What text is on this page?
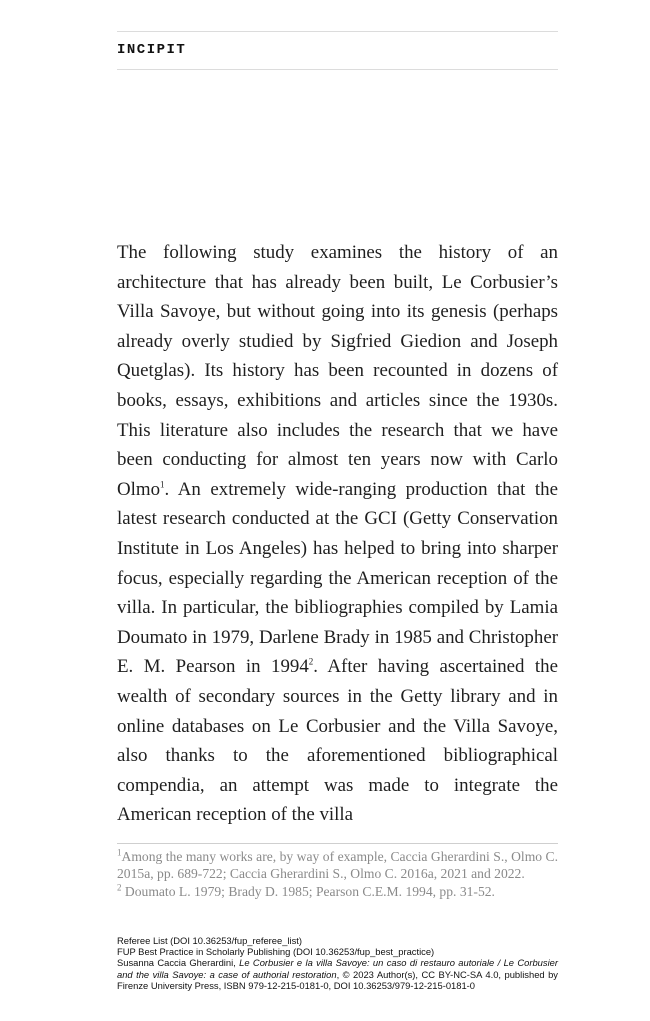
INCIPIT

The following study examines the history of an architecture that has already been built, Le Corbusier’s Villa Savoye, but without going into its genesis (perhaps already overly studied by Sigfried Giedion and Joseph Quetglas). Its history has been recounted in dozens of books, essays, exhibitions and articles since the 1930s. This literature also includes the research that we have been conducting for almost ten years now with Carlo Olmo$^1$. An extremely wide-ranging production that the latest research conducted at the GCI (Getty Conservation Institute in Los Angeles) has helped to bring into sharper focus, especially regarding the American reception of the villa. In particular, the bibliographies compiled by Lamia Doumato in 1979, Darlene Brady in 1985 and Christopher E. M. Pearson in 1994$^2$. After having ascertained the wealth of secondary sources in the Getty library and in online databases on Le Corbusier and the Villa Savoye, also thanks to the aforementioned bibliographical compendia, an attempt was made to integrate the American reception of the villa

$^1$Among the many works are, by way of example, Caccia Gherardini S., Olmo C. 2015a, pp. 689-722; Caccia Gherardini S., Olmo C. 2016a, 2021 and 2022.
$^2$ Doumato L. 1979; Brady D. 1985; Pearson C.E.M. 1994, pp. 31-52.

Referee List (DOI 10.36253/fup_referee_list)

FUP Best Practice in Scholarly Publishing (DOI 10.36253/fup_best_practice)

Susanna Caccia Gherardini, Le Corbusier e la villa Savoye: un caso di restauro autoriale / Le Corbusier and the villa Savoye: a case of authorial restoration, © 2023 Author(s), CC BY-NC-SA 4.0, published by Firenze University Press, ISBN 979-12-215-0181-0, DOI 10.36253/979-12-215-0181-0
